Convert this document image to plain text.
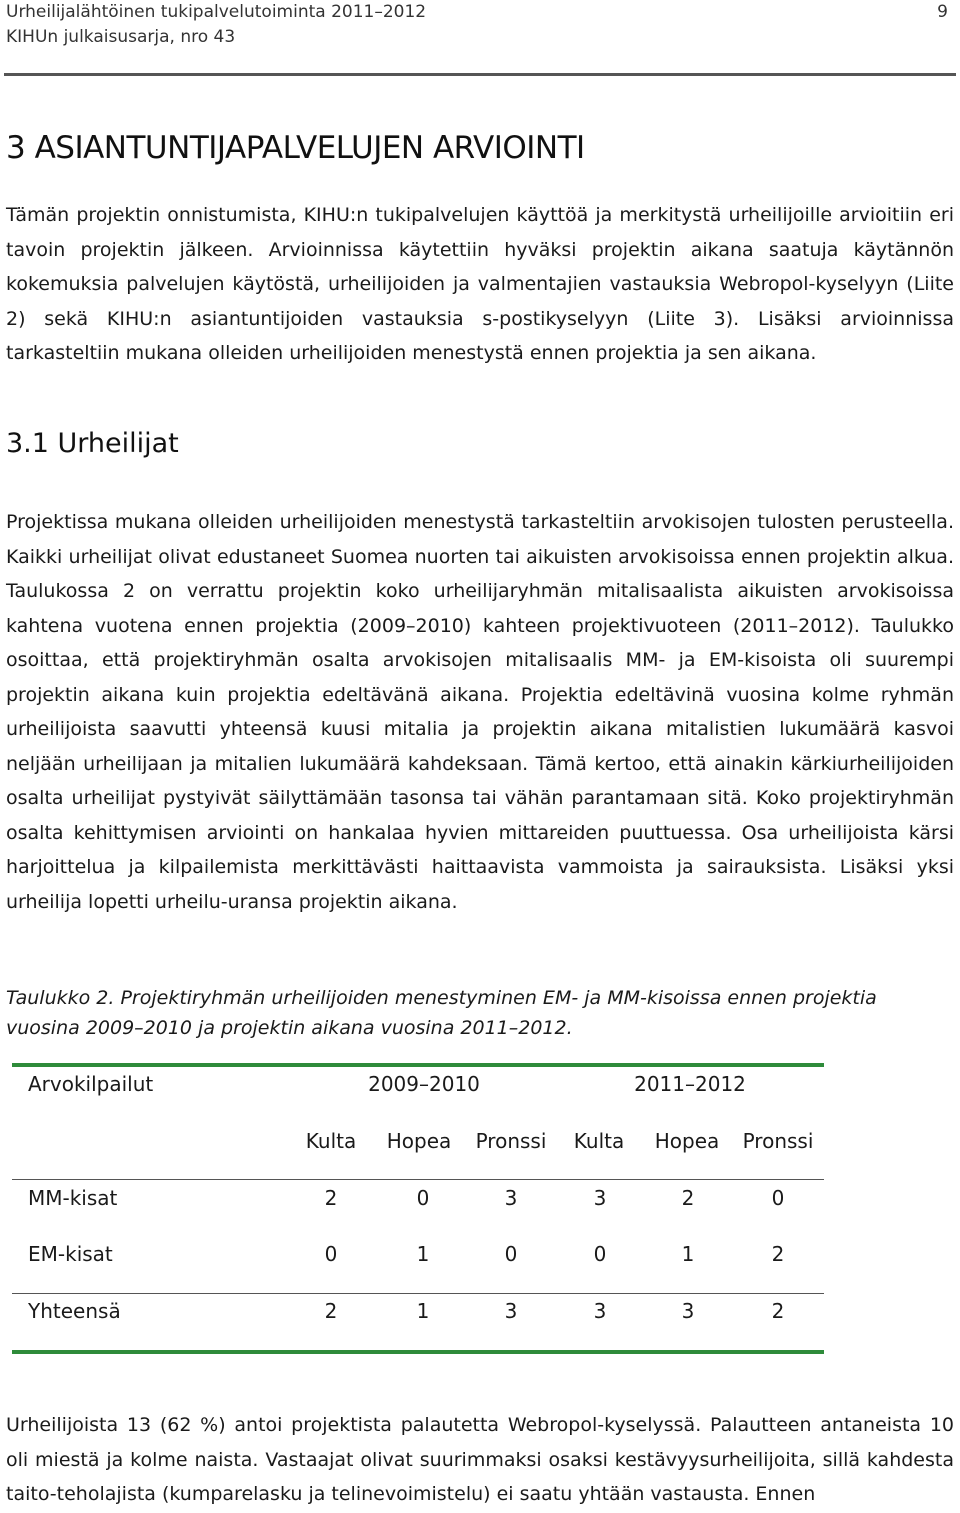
Urheilijalähtöinen tukipalvelutoiminta 2011–2012
KIHUn julkaisusarja, nro 43
9
3 ASIANTUNTIJAPALVELUJEN ARVIOINTI

Tämän projektin onnistumista, KIHU:n tukipalvelujen käyttöä ja merkitystä urheilijoille arvioitiin eri tavoin projektin jälkeen. Arvioinnissa käytettiin hyväksi projektin aikana saatuja käytännön kokemuksia palvelujen käytöstä, urheilijoiden ja valmentajien vastauksia Webropol-kyselyyn (Liite 2) sekä KIHU:n asiantuntijoiden vastauksia s-postikyselyyn (Liite 3). Lisäksi arvioinnissa tarkasteltiin mukana olleiden urheilijoiden menestystä ennen projektia ja sen aikana.

3.1 Urheilijat

Projektissa mukana olleiden urheilijoiden menestystä tarkasteltiin arvokisojen tulosten perusteella. Kaikki urheilijat olivat edustaneet Suomea nuorten tai aikuisten arvokisoissa ennen projektin alkua. Taulukossa 2 on verrattu projektin koko urheilijaryhmän mitalisaalista aikuisten arvokisoissa kahtena vuotena ennen projektia (2009–2010) kahteen projektivuoteen (2011–2012). Taulukko osoittaa, että projektiryhmän osalta arvokisojen mitalisaalis MM- ja EM-kisoista oli suurempi projektin aikana kuin projektia edeltävänä aikana. Projektia edeltävinä vuosina kolme ryhmän urheilijoista saavutti yhteensä kuusi mitalia ja projektin aikana mitalistien lukumäärä kasvoi neljään urheilijaan ja mitalien lukumäärä kahdeksaan. Tämä kertoo, että ainakin kärkiurheilijoiden osalta urheilijat pystyivät säilyttämään tasonsa tai vähän parantamaan sitä. Koko projektiryhmän osalta kehittymisen arviointi on hankalaa hyvien mittareiden puuttuessa. Osa urheilijoista kärsi harjoittelua ja kilpailemista merkittävästi haittaavista vammoista ja sairauksista. Lisäksi yksi urheilija lopetti urheilu-uransa projektin aikana.

Taulukko 2. Projektiryhmän urheilijoiden menestyminen EM- ja MM-kisoissa ennen projektia vuosina 2009–2010 ja projektin aikana vuosina 2011–2012.

Arvokilpailut	2009–2010	2011–2012
Kulta Hopea Pronssi Kulta Hopea Pronssi
MM-kisat	2	0	3	3	2	0
EM-kisat	0	1	0	0	1	2
Yhteensä	2	1	3	3	3	2

Urheilijoista 13 (62 %) antoi projektista palautetta Webropol-kyselyssä. Palautteen antaneista 10 oli miestä ja kolme naista. Vastaajat olivat suurimmaksi osaksi kestävyysurheilijoita, sillä kahdesta taito-teholajista (kumparelasku ja telinevoimistelu) ei saatu yhtään vastausta. Ennen
